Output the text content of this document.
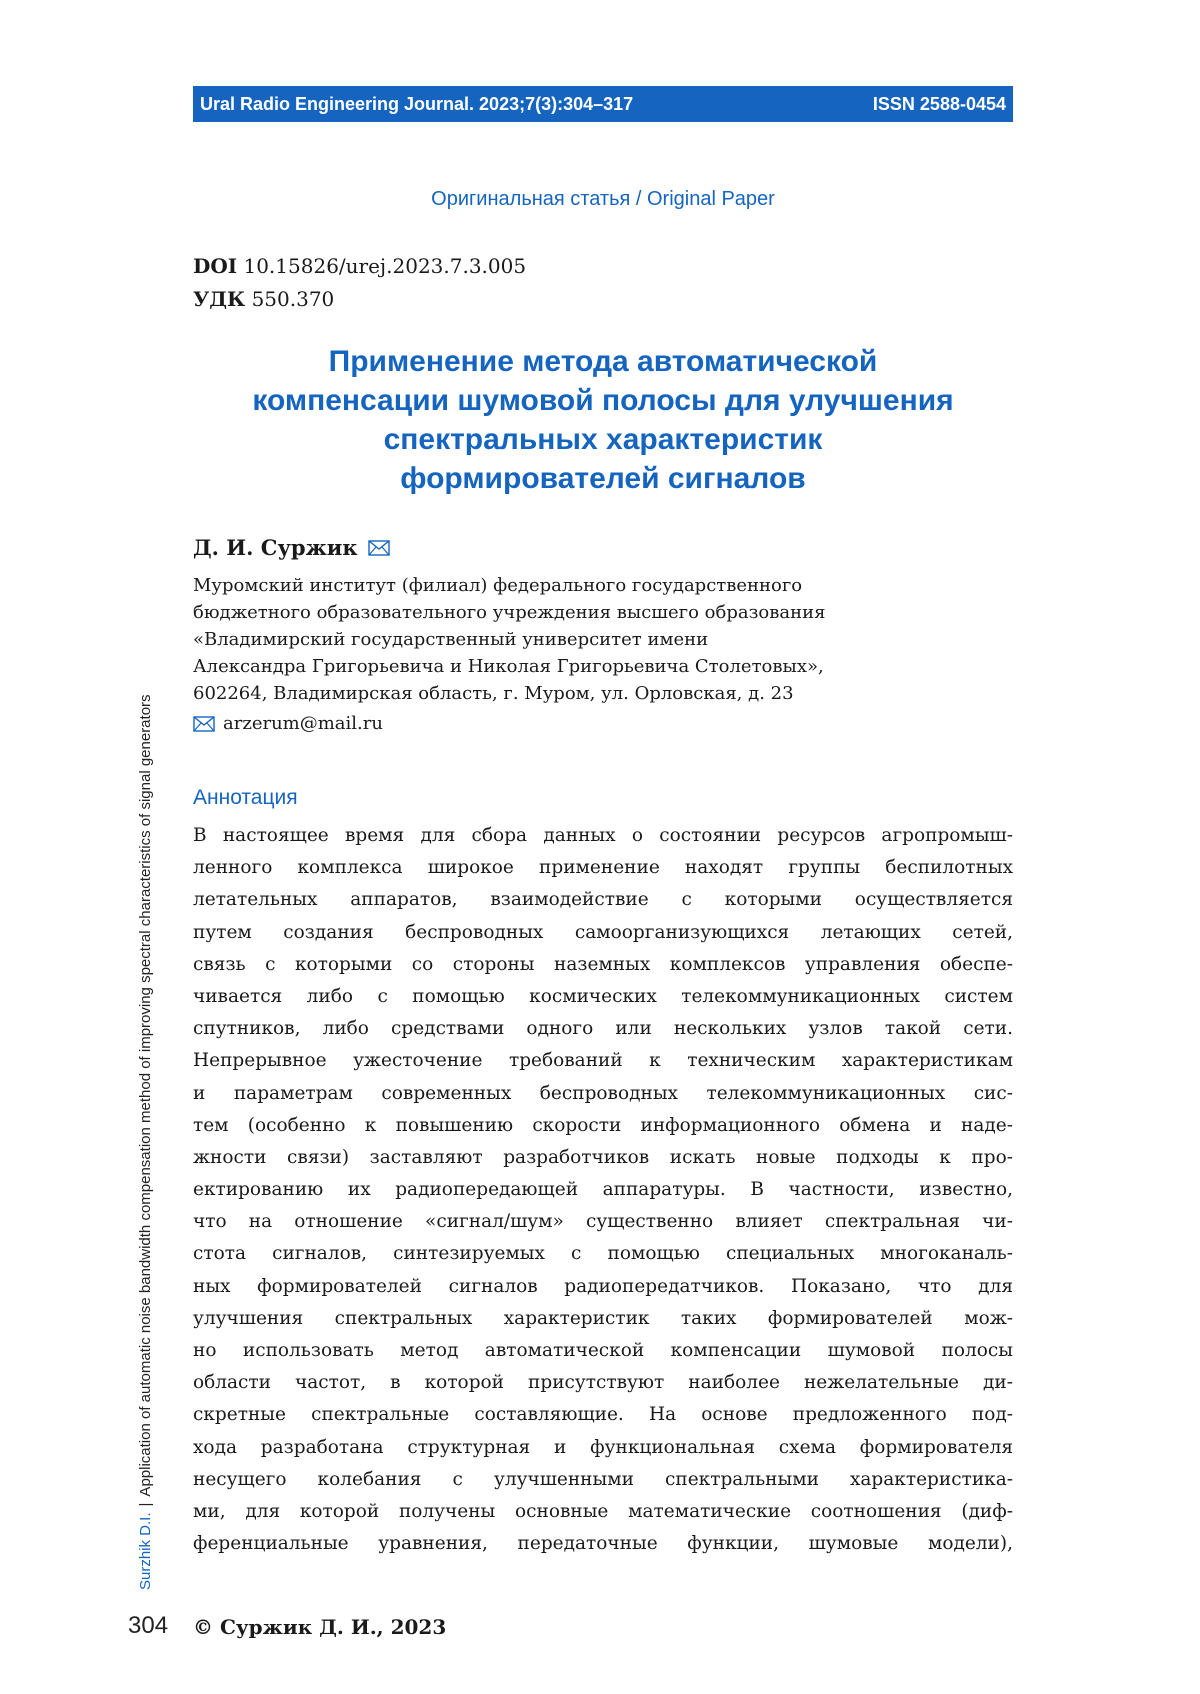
Ural Radio Engineering Journal. 2023;7(3):304–317	ISSN 2588-0454
Оригинальная статья / Original Paper
DOI 10.15826/urej.2023.7.3.005
УДК 550.370
Применение метода автоматической
компенсации шумовой полосы для улучшения
спектральных характеристик
формирователей сигналов
Д. И. Суржик
Муромский институт (филиал) федерального государственного
бюджетного образовательного учреждения высшего образования
«Владимирский государственный университет имени
Александра Григорьевича и Николая Григорьевича Столетовых»,
602264, Владимирская область, г. Муром, ул. Орловская, д. 23
arzerum@mail.ru
Аннотация
В настоящее время для сбора данных о состоянии ресурсов агропромыш-
ленного комплекса широкое применение находят группы беспилотных
летательных аппаратов, взаимодействие с которыми осуществляется
путем создания беспроводных самоорганизующихся летающих сетей,
связь с которыми со стороны наземных комплексов управления обеспе-
чивается либо с помощью космических телекоммуникационных систем
спутников, либо средствами одного или нескольких узлов такой сети.
Непрерывное ужесточение требований к техническим характеристикам
и параметрам современных беспроводных телекоммуникационных сис-
тем (особенно к повышению скорости информационного обмена и наде-
жности связи) заставляют разработчиков искать новые подходы к про-
ектированию их радиопередающей аппаратуры. В частности, известно,
что на отношение «сигнал/шум» существенно влияет спектральная чи-
стота сигналов, синтезируемых с помощью специальных многоканаль-
ных формирователей сигналов радиопередатчиков. Показано, что для
улучшения спектральных характеристик таких формирователей мож-
но использовать метод автоматической компенсации шумовой полосы
области частот, в которой присутствуют наиболее нежелательные ди-
скретные спектральные составляющие. На основе предложенного под-
хода разработана структурная и функциональная схема формирователя
несущего колебания с улучшенными спектральными характеристика-
ми, для которой получены основные математические соотношения (диф-
ференциальные уравнения, передаточные функции, шумовые модели),
Surzhik D.I.|Application of automatic noise bandwidth compensation method of improving spectral characteristics of signal generators
304 © Суржик Д. И., 2023
